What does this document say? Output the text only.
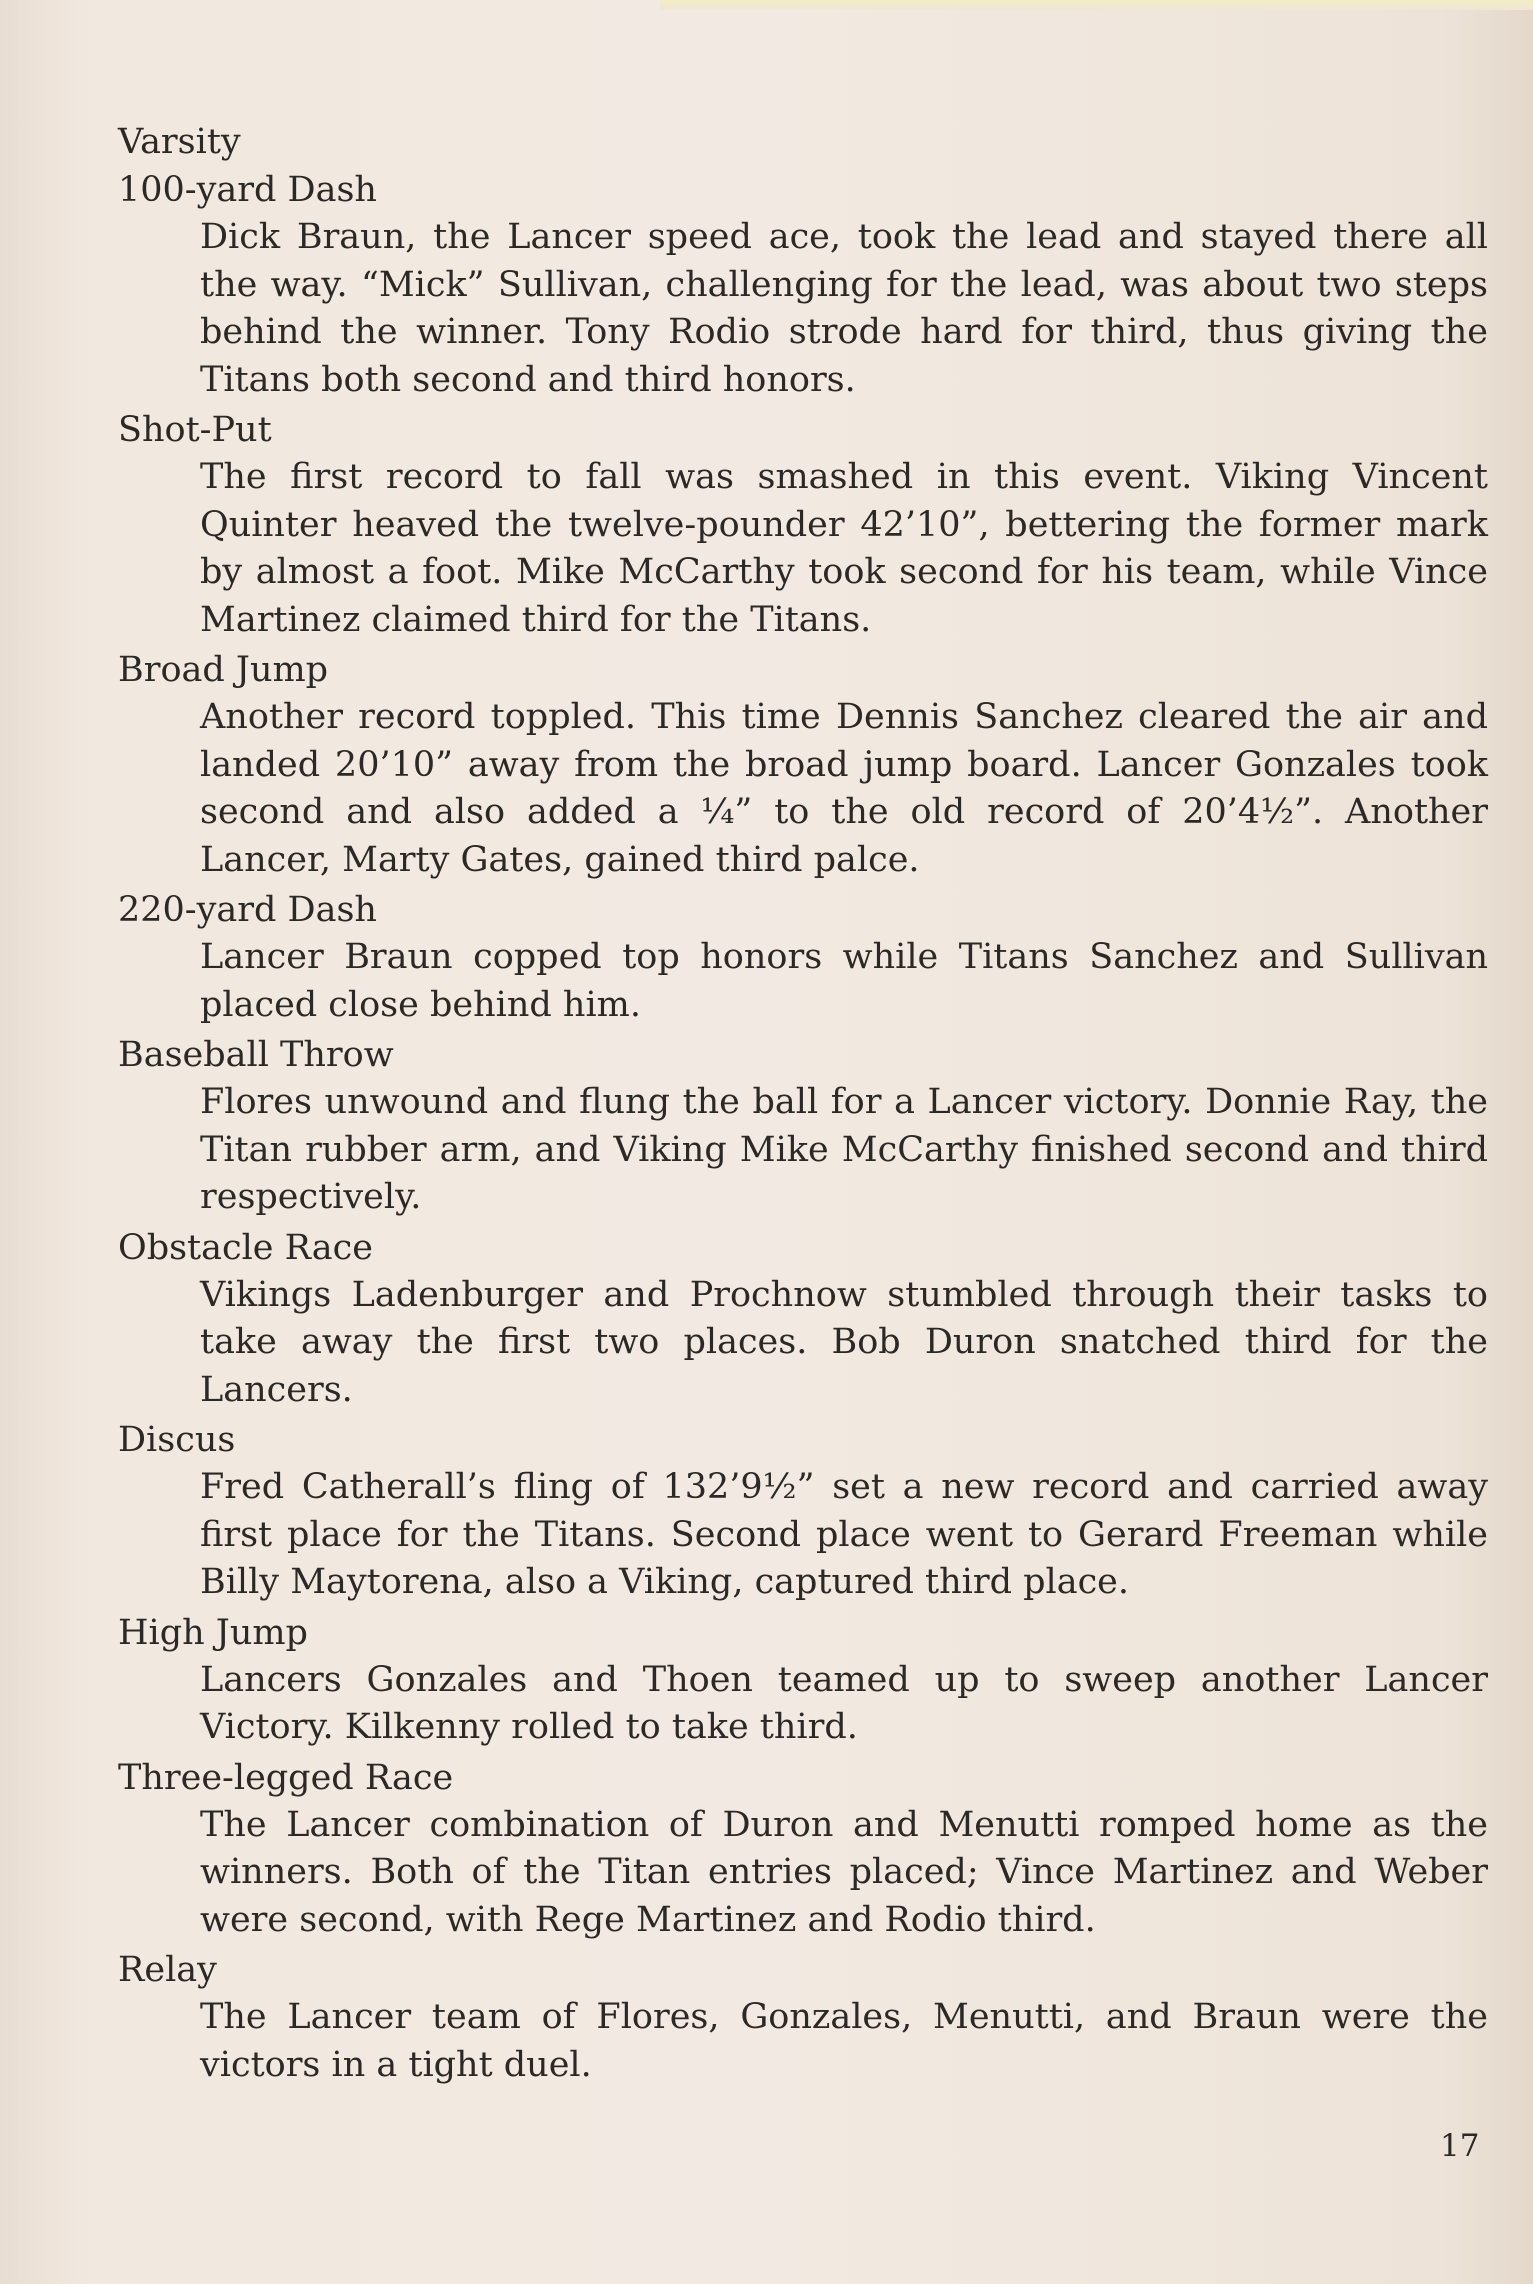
Varsity

100-yard Dash

Dick Braun, the Lancer speed ace, took the lead and stayed there all the way. “Mick” Sullivan, challenging for the lead, was about two steps behind the winner. Tony Rodio strode hard for third, thus giving the Titans both second and third honors.

Shot-Put

The first record to fall was smashed in this event. Viking Vincent Quinter heaved the twelve-pounder 42’10”, bettering the former mark by almost a foot. Mike McCarthy took second for his team, while Vince Martinez claimed third for the Titans.

Broad Jump

Another record toppled. This time Dennis Sanchez cleared the air and landed 20’10” away from the broad jump board. Lancer Gonzales took second and also added a ¼” to the old record of 20’4½”. Another Lancer, Marty Gates, gained third palce.

220-yard Dash

Lancer Braun copped top honors while Titans Sanchez and Sullivan placed close behind him.

Baseball Throw

Flores unwound and flung the ball for a Lancer victory. Donnie Ray, the Titan rubber arm, and Viking Mike McCarthy finished second and third respectively.

Obstacle Race

Vikings Ladenburger and Prochnow stumbled through their tasks to take away the first two places. Bob Duron snatched third for the Lancers.

Discus

Fred Catherall’s fling of 132’9½” set a new record and carried away first place for the Titans. Second place went to Gerard Freeman while Billy Maytorena, also a Viking, captured third place.

High Jump

Lancers Gonzales and Thoen teamed up to sweep another Lancer Victory. Kilkenny rolled to take third.

Three-legged Race

The Lancer combination of Duron and Menutti romped home as the winners. Both of the Titan entries placed; Vince Martinez and Weber were second, with Rege Martinez and Rodio third.

Relay

The Lancer team of Flores, Gonzales, Menutti, and Braun were the victors in a tight duel.

17
